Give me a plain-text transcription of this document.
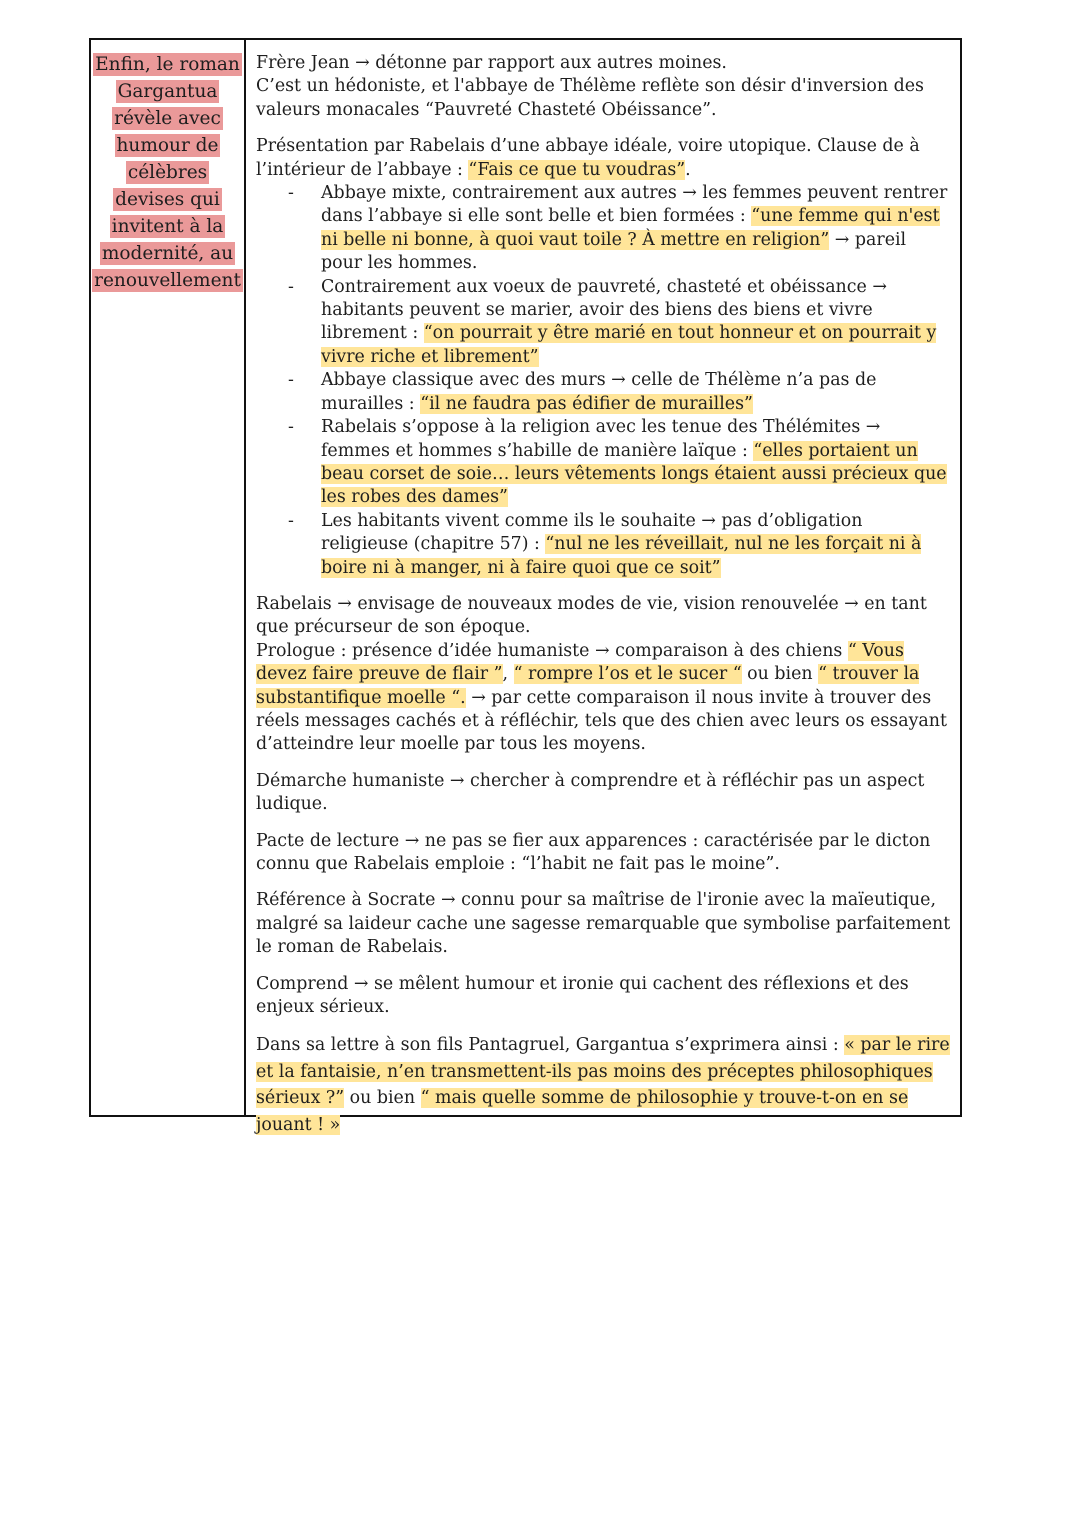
Enfin, le roman
Gargantua
révèle avec
humour de
célèbres
devises qui
invitent à la
modernité, au
renouvellement

Frère Jean → détonne par rapport aux autres moines.
C’est un hédoniste, et l'abbaye de Thélème reflète son désir d'inversion des valeurs monacales “Pauvreté Chasteté Obéissance”.

Présentation par Rabelais d’une abbaye idéale, voire utopique. Clause de à l’intérieur de l’abbaye : “Fais ce que tu voudras”.

- Abbaye mixte, contrairement aux autres → les femmes peuvent rentrer dans l’abbaye si elle sont belle et bien formées : “une femme qui n'est ni belle ni bonne, à quoi vaut toile ? À mettre en religion” → pareil pour les hommes.
- Contrairement aux voeux de pauvreté, chasteté et obéissance → habitants peuvent se marier, avoir des biens des biens et vivre librement : “on pourrait y être marié en tout honneur et on pourrait y vivre riche et librement”
- Abbaye classique avec des murs → celle de Thélème n’a pas de murailles : “il ne faudra pas édifier de murailles”
- Rabelais s’oppose à la religion avec les tenue des Thélémites → femmes et hommes s’habille de manière laïque : “elles portaient un beau corset de soie… leurs vêtements longs étaient aussi précieux que les robes des dames”
- Les habitants vivent comme ils le souhaite → pas d’obligation religieuse (chapitre 57) : “nul ne les réveillait, nul ne les forçait ni à boire ni à manger, ni à faire quoi que ce soit”

Rabelais → envisage de nouveaux modes de vie, vision renouvelée → en tant que précurseur de son époque.
Prologue : présence d’idée humaniste → comparaison à des chiens “ Vous devez faire preuve de flair ”, “ rompre l’os et le sucer “ ou bien “ trouver la substantifique moelle “. → par cette comparaison il nous invite à trouver des réels messages cachés et à réfléchir, tels que des chien avec leurs os essayant d’atteindre leur moelle par tous les moyens.

Démarche humaniste → chercher à comprendre et à réfléchir pas un aspect ludique.

Pacte de lecture → ne pas se fier aux apparences : caractérisée par le dicton connu que Rabelais emploie : “l’habit ne fait pas le moine”.

Référence à Socrate → connu pour sa maîtrise de l'ironie avec la maïeutique, malgré sa laideur cache une sagesse remarquable que symbolise parfaitement le roman de Rabelais.

Comprend → se mêlent humour et ironie qui cachent des réflexions et des enjeux sérieux.

Dans sa lettre à son fils Pantagruel, Gargantua s’exprimera ainsi : « par le rire et la fantaisie, n’en transmettent-ils pas moins des préceptes philosophiques sérieux ?” ou bien “ mais quelle somme de philosophie y trouve-t-on en se jouant ! »
